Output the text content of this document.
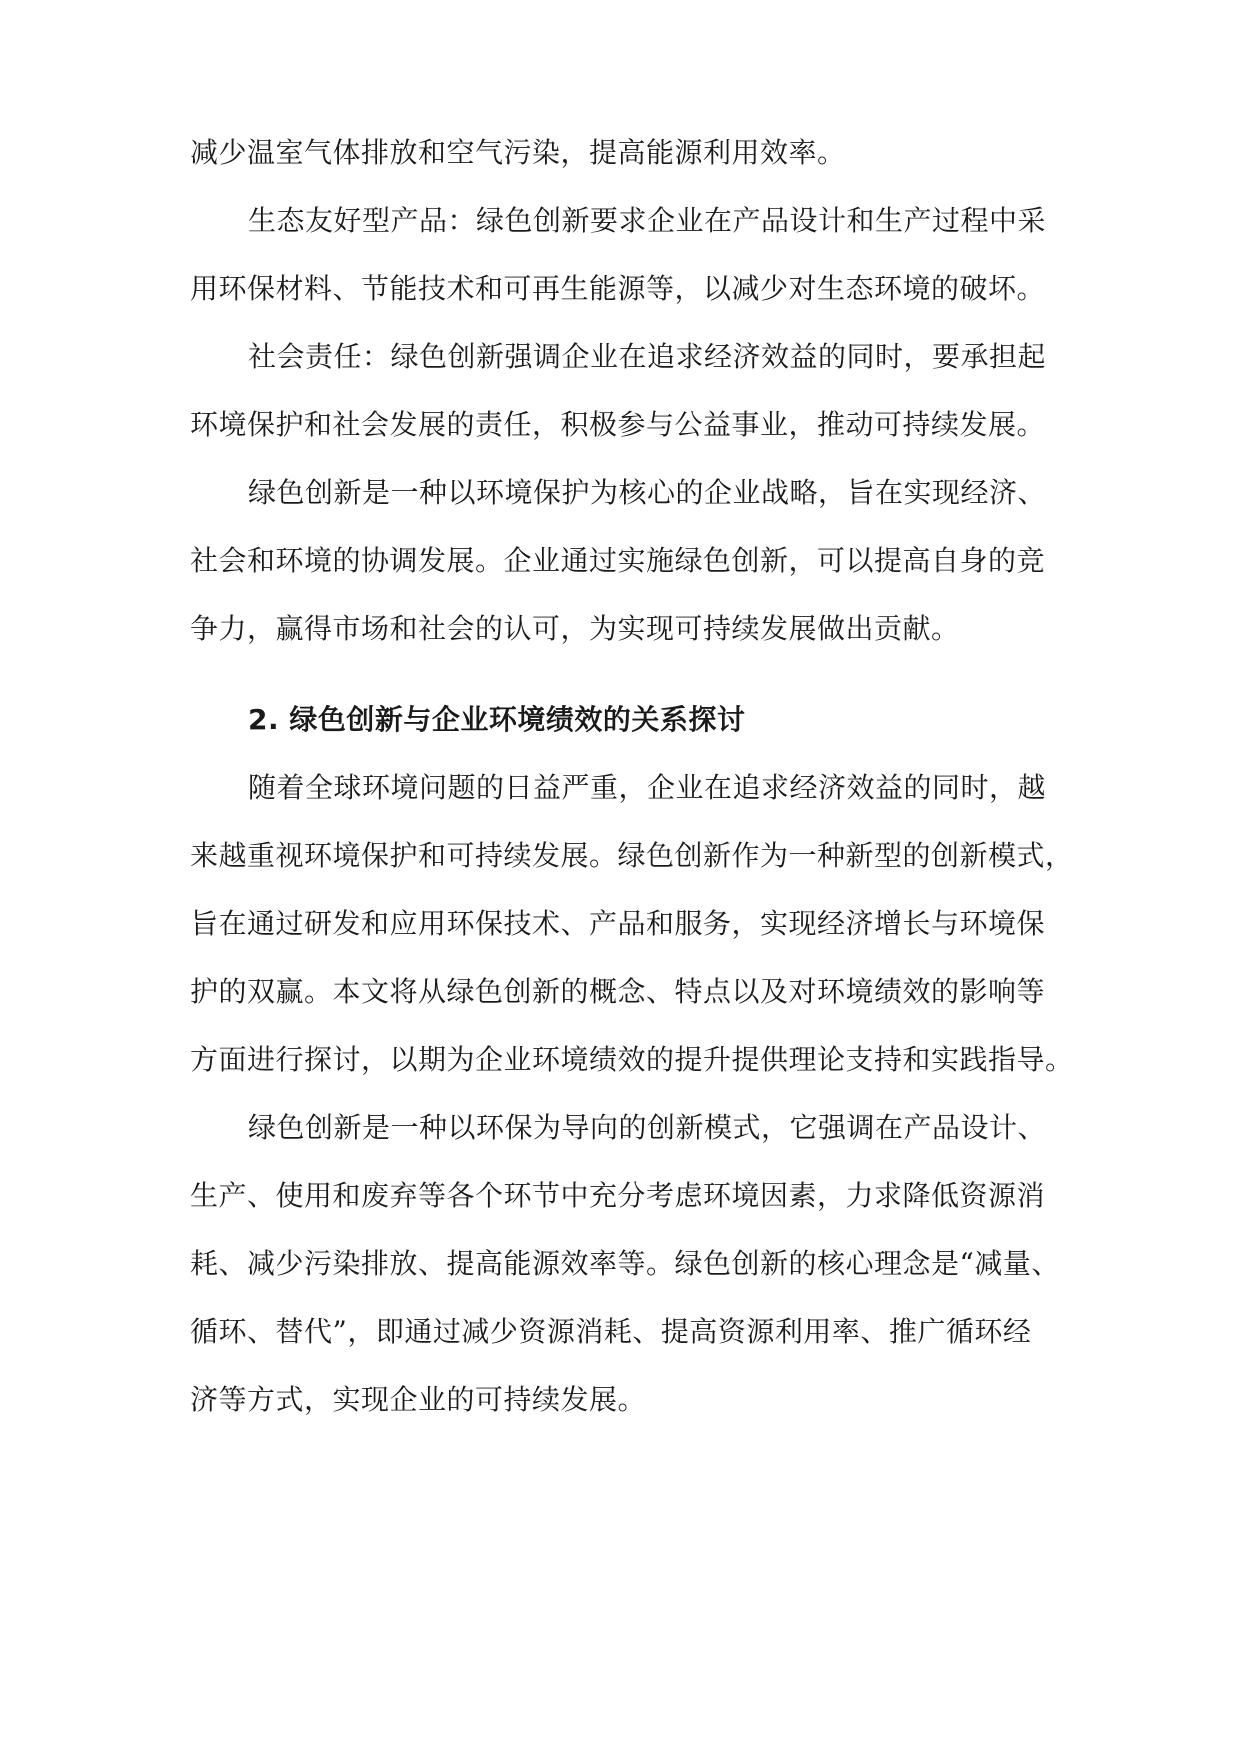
减少温室气体排放和空气污染，提高能源利用效率。
生态友好型产品：绿色创新要求企业在产品设计和生产过程中采
用环保材料、节能技术和可再生能源等，以减少对生态环境的破坏。
社会责任：绿色创新强调企业在追求经济效益的同时，要承担起
环境保护和社会发展的责任，积极参与公益事业，推动可持续发展。
绿色创新是一种以环境保护为核心的企业战略，旨在实现经济、
社会和环境的协调发展。企业通过实施绿色创新，可以提高自身的竞
争力，赢得市场和社会的认可，为实现可持续发展做出贡献。
2. 绿色创新与企业环境绩效的关系探讨
随着全球环境问题的日益严重，企业在追求经济效益的同时，越
来越重视环境保护和可持续发展。绿色创新作为一种新型的创新模式，
旨在通过研发和应用环保技术、产品和服务，实现经济增长与环境保
护的双赢。本文将从绿色创新的概念、特点以及对环境绩效的影响等
方面进行探讨，以期为企业环境绩效的提升提供理论支持和实践指导。
绿色创新是一种以环保为导向的创新模式，它强调在产品设计、
生产、使用和废弃等各个环节中充分考虑环境因素，力求降低资源消
耗、减少污染排放、提高能源效率等。绿色创新的核心理念是“减量、
循环、替代”，即通过减少资源消耗、提高资源利用率、推广循环经
济等方式，实现企业的可持续发展。
